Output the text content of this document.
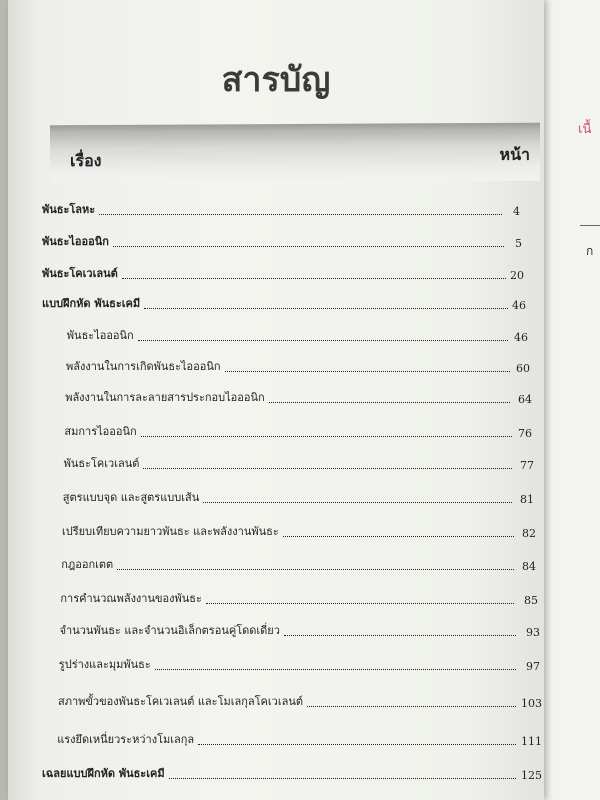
เนื้
ก
สารบัญ
เรื่อง	หน้า
พันธะโลหะ	4
พันธะไอออนิก	5
พันธะโคเวเลนต์	20
แบบฝึกหัด พันธะเคมี	46
พันธะไอออนิก	46
พลังงานในการเกิดพันธะไอออนิก	60
พลังงานในการละลายสารประกอบไอออนิก	64
สมการไอออนิก	76
พันธะโคเวเลนต์	77
สูตรแบบจุด และสูตรแบบเส้น	81
เปรียบเทียบความยาวพันธะ และพลังงานพันธะ	82
กฎออกเตต	84
การคำนวณพลังงานของพันธะ	85
จำนวนพันธะ และจำนวนอิเล็กตรอนคู่โดดเดี่ยว	93
รูปร่างและมุมพันธะ	97
สภาพขั้วของพันธะโคเวเลนต์ และโมเลกุลโคเวเลนต์	103
แรงยึดเหนี่ยวระหว่างโมเลกุล	111
เฉลยแบบฝึกหัด พันธะเคมี	125
